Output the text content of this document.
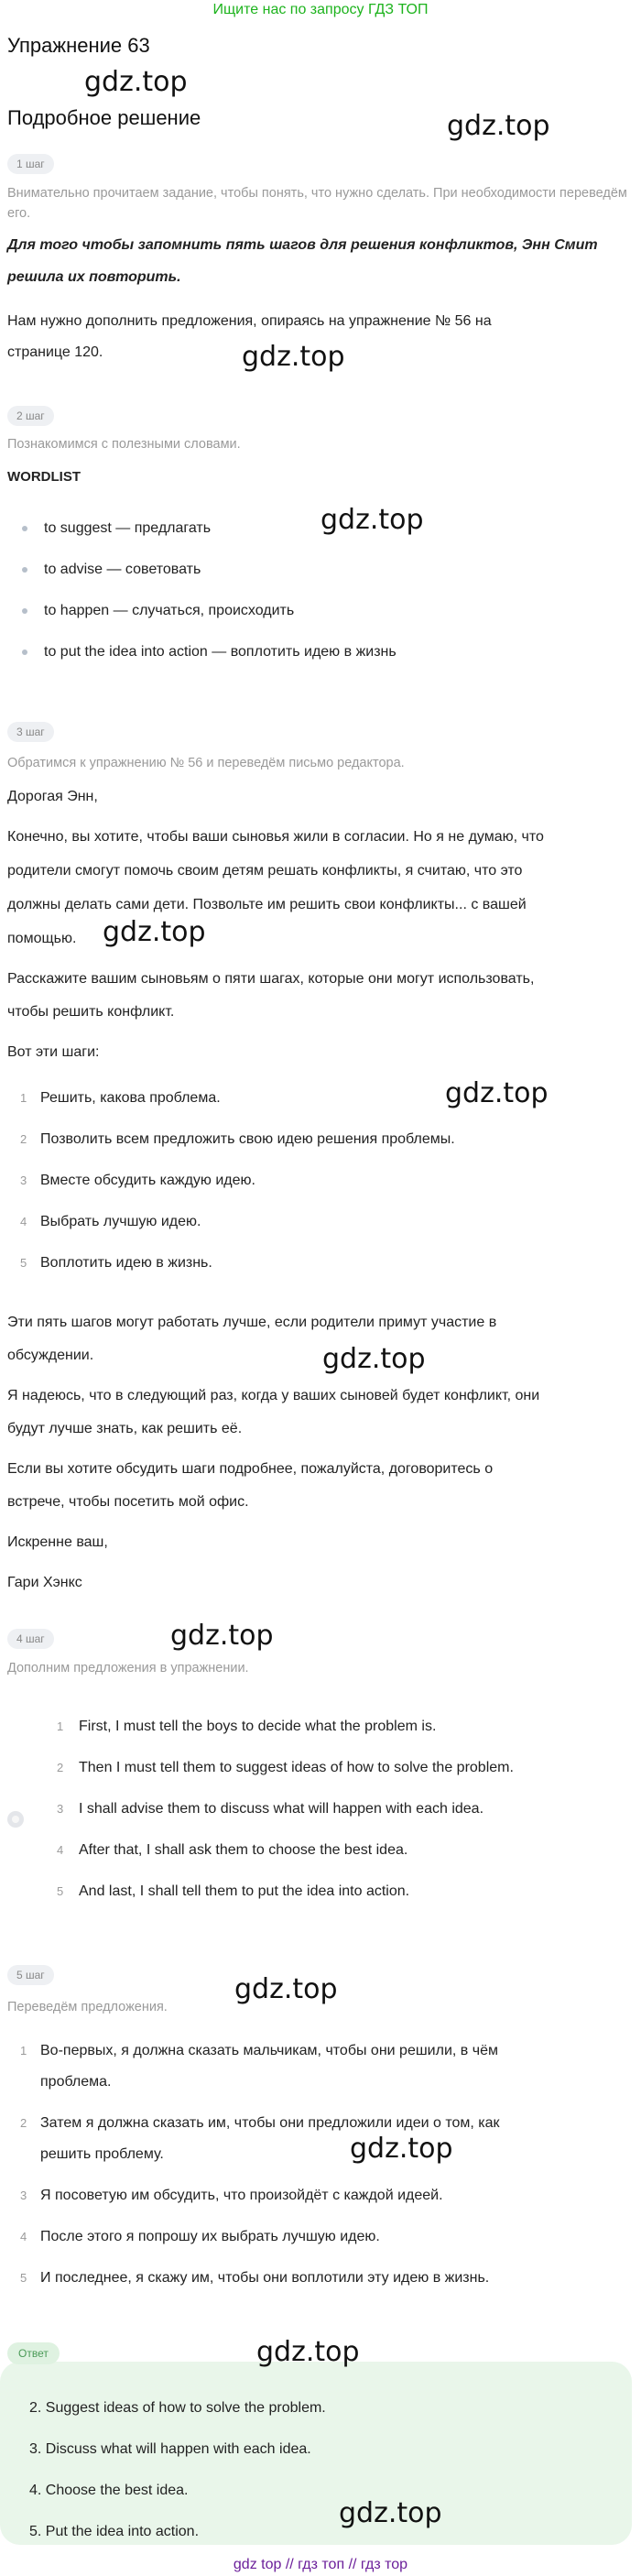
Ищите нас по запросу ГДЗ ТОП
Упражнение 63
gdz.top
Подробное решение	gdz.top
1 шаг
Внимательно прочитаем задание, чтобы понять, что нужно сделать. При необходимости переведём его.
Для того чтобы запомнить пять шагов для решения конфликтов, Энн Смит
решила их повторить.
Нам нужно дополнить предложения, опираясь на упражнение № 56 на
странице 120.	gdz.top
2 шаг
Познакомимся с полезными словами.
WORDLIST
to suggest — предлагать	gdz.top
to advise — советовать
to happen — случаться, происходить
to put the idea into action — воплотить идею в жизнь
3 шаг
Обратимся к упражнению № 56 и переведём письмо редактора.
Дорогая Энн,
Конечно, вы хотите, чтобы ваши сыновья жили в согласии. Но я не думаю, что
родители смогут помочь своим детям решать конфликты, я считаю, что это
должны делать сами дети. Позвольте им решить свои конфликты... с вашей
помощью. gdz.top
Расскажите вашим сыновьям о пяти шагах, которые они могут использовать,
чтобы решить конфликт.
Вот эти шаги:
1 Решить, какова проблема.	gdz.top
2 Позволить всем предложить свою идею решения проблемы.
3 Вместе обсудить каждую идею.
4 Выбрать лучшую идею.
5 Воплотить идею в жизнь.
Эти пять шагов могут работать лучше, если родители примут участие в
обсуждении.	gdz.top
Я надеюсь, что в следующий раз, когда у ваших сыновей будет конфликт, они
будут лучше знать, как решить её.
Если вы хотите обсудить шаги подробнее, пожалуйста, договоритесь о
встрече, чтобы посетить мой офис.
Искренне ваш,
Гари Хэнкс
4 шаг	gdz.top
Дополним предложения в упражнении.
1 First, I must tell the boys to decide what the problem is.
2 Then I must tell them to suggest ideas of how to solve the problem.
3 I shall advise them to discuss what will happen with each idea.
4 After that, I shall ask them to choose the best idea.
5 And last, I shall tell them to put the idea into action.
5 шаг	gdz.top
Переведём предложения.
1 Во-первых, я должна сказать мальчикам, чтобы они решили, в чём
проблема.
2 Затем я должна сказать им, чтобы они предложили идеи о том, как
решить проблему.	gdz.top
3 Я посоветую им обсудить, что произойдёт с каждой идеей.
4 После этого я попрошу их выбрать лучшую идею.
5 И последнее, я скажу им, чтобы они воплотили эту идею в жизнь.
Ответ	gdz.top
2. Suggest ideas of how to solve the problem.
3. Discuss what will happen with each idea.
4. Choose the best idea.
5. Put the idea into action.
gdz.top
gdz top // гдз топ // гдз тор
